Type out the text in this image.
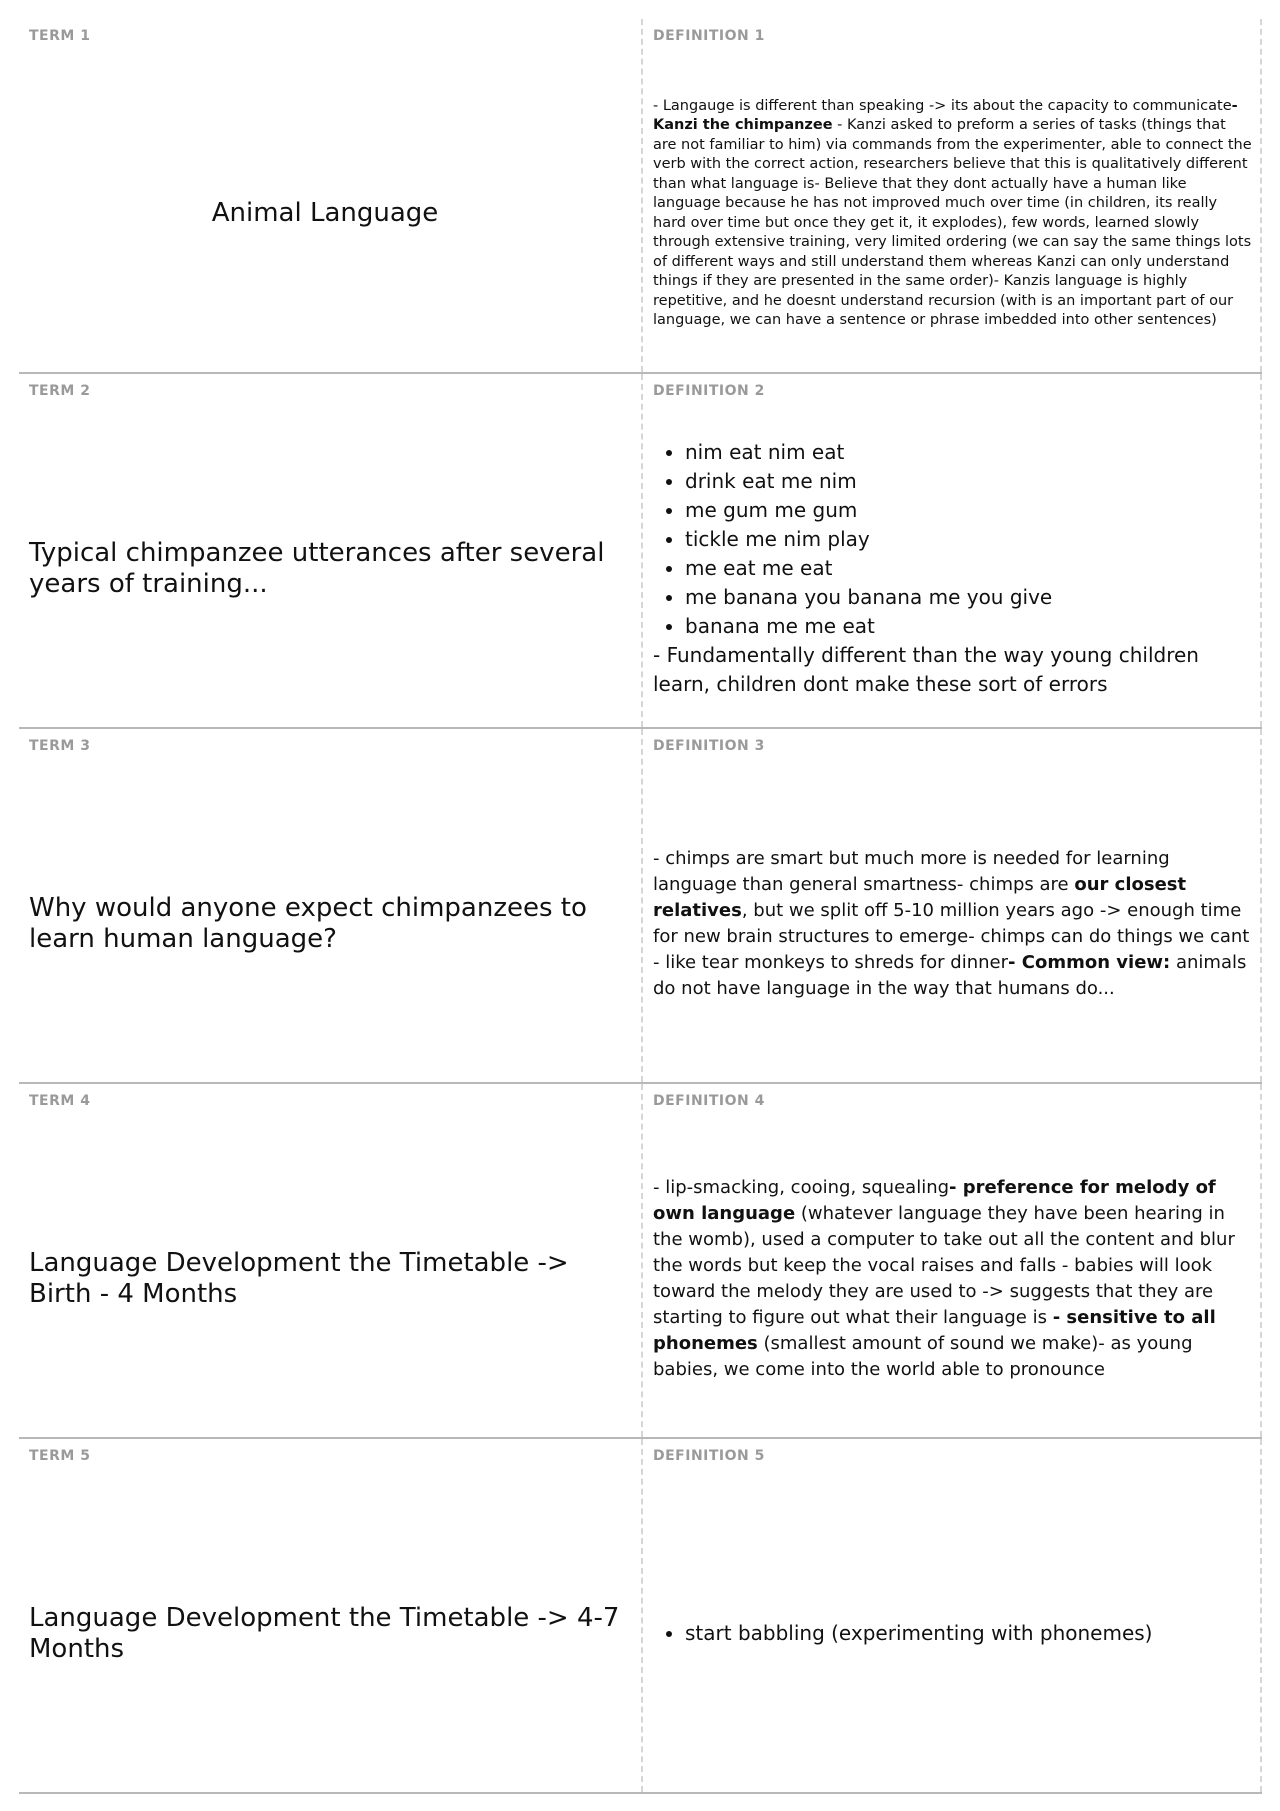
TERM 1
Animal Language
DEFINITION 1
- Langauge is different than speaking -> its about the capacity to communicate- Kanzi the chimpanzee - Kanzi asked to preform a series of tasks (things that are not familiar to him) via commands from the experimenter, able to connect the verb with the correct action, researchers believe that this is qualitatively different than what language is- Believe that they dont actually have a human like language because he has not improved much over time (in children, its really hard over time but once they get it, it explodes), few words, learned slowly through extensive training, very limited ordering (we can say the same things lots of different ways and still understand them whereas Kanzi can only understand things if they are presented in the same order)- Kanzis language is highly repetitive, and he doesnt understand recursion (with is an important part of our language, we can have a sentence or phrase imbedded into other sentences)
TERM 2
Typical chimpanzee utterances after several years of training...
DEFINITION 2
• nim eat nim eat
• drink eat me nim
• me gum me gum
• tickle me nim play
• me eat me eat
• me banana you banana me you give
• banana me me eat
- Fundamentally different than the way young children learn, children dont make these sort of errors
TERM 3
Why would anyone expect chimpanzees to learn human language?
DEFINITION 3
- chimps are smart but much more is needed for learning language than general smartness- chimps are our closest relatives, but we split off 5-10 million years ago -> enough time for new brain structures to emerge- chimps can do things we cant - like tear monkeys to shreds for dinner- Common view: animals do not have language in the way that humans do...
TERM 4
Language Development the Timetable -> Birth - 4 Months
DEFINITION 4
- lip-smacking, cooing, squealing- preference for melody of own language (whatever language they have been hearing in the womb), used a computer to take out all the content and blur the words but keep the vocal raises and falls - babies will look toward the melody they are used to -> suggests that they are starting to figure out what their language is - sensitive to all phonemes (smallest amount of sound we make)- as young babies, we come into the world able to pronounce
TERM 5
Language Development the Timetable -> 4-7 Months
DEFINITION 5
• start babbling (experimenting with phonemes)
